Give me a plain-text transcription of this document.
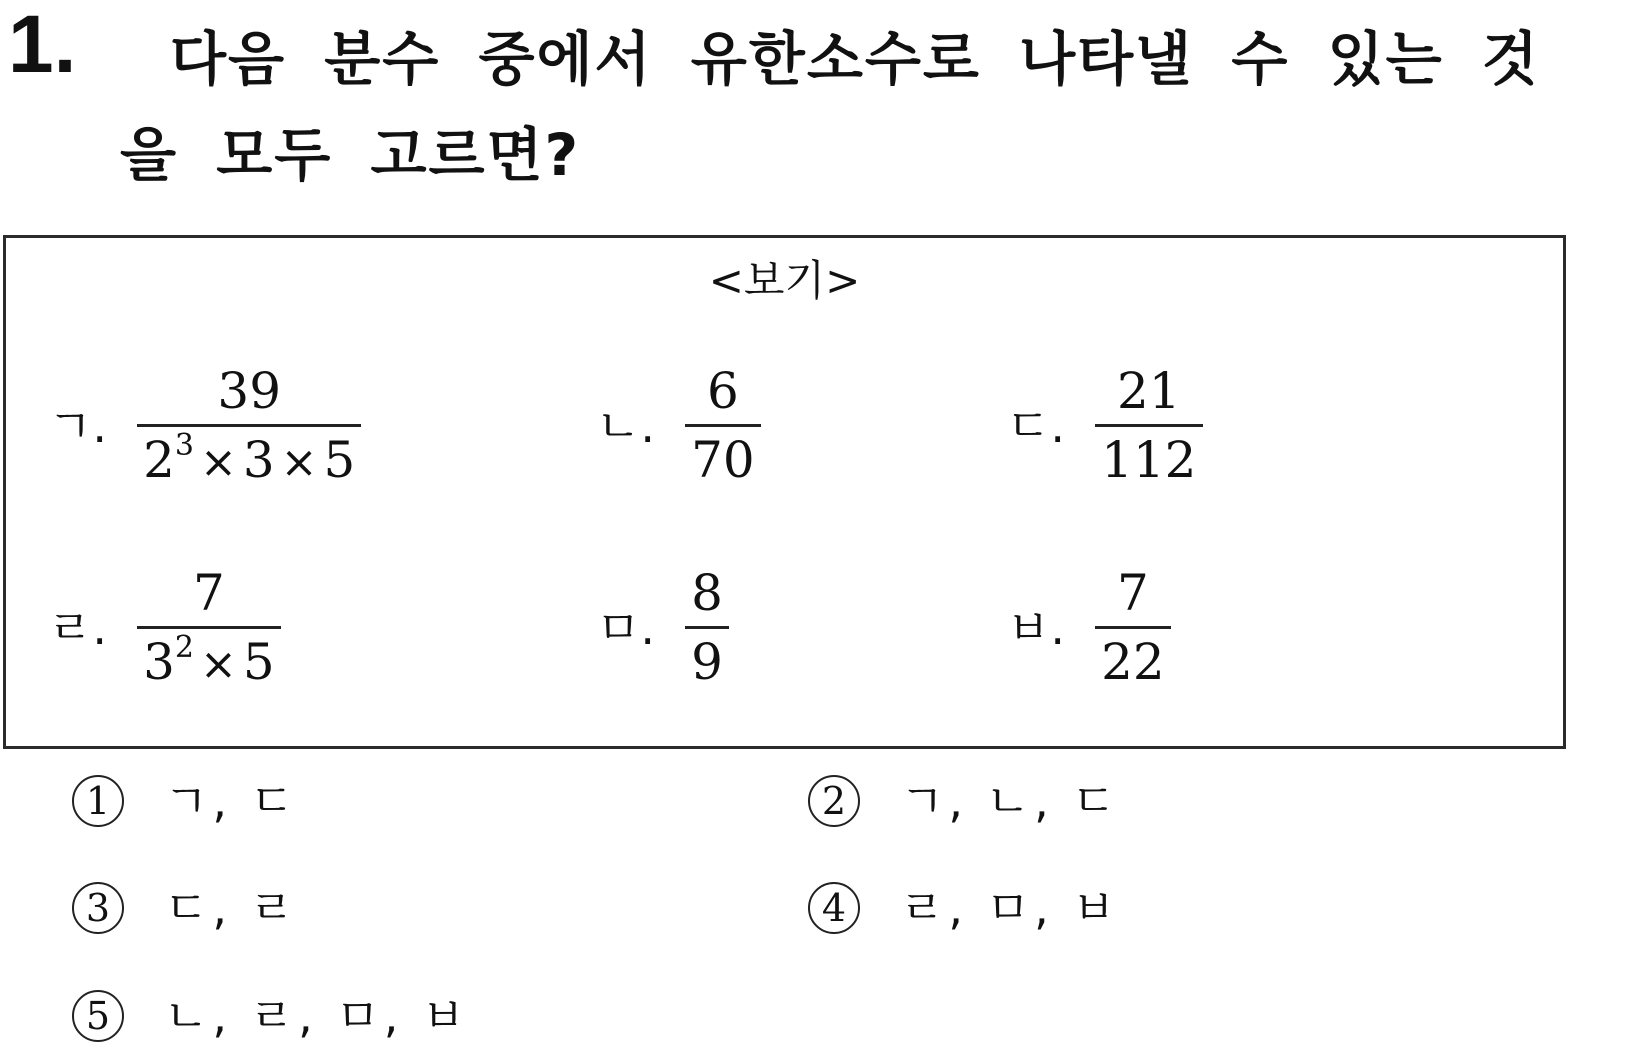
1. 다음 분수 중에서 유한소수로 나타낼 수 있는 것
을 모두 고르면?
<보기>
ㄱ. $\frac{39}{2^3 \times 3 \times 5}$	ㄴ. $\frac{6}{70}$	ㄷ. $\frac{21}{112}$
ㄹ. $\frac{7}{3^2 \times 5}$	ㅁ. $\frac{8}{9}$	ㅂ. $\frac{7}{22}$
1	ㄱ, ㄷ	2	ㄱ, ㄴ, ㄷ
3	ㄷ, ㄹ	4	ㄹ, ㅁ, ㅂ
5	ㄴ, ㄹ, ㅁ, ㅂ
